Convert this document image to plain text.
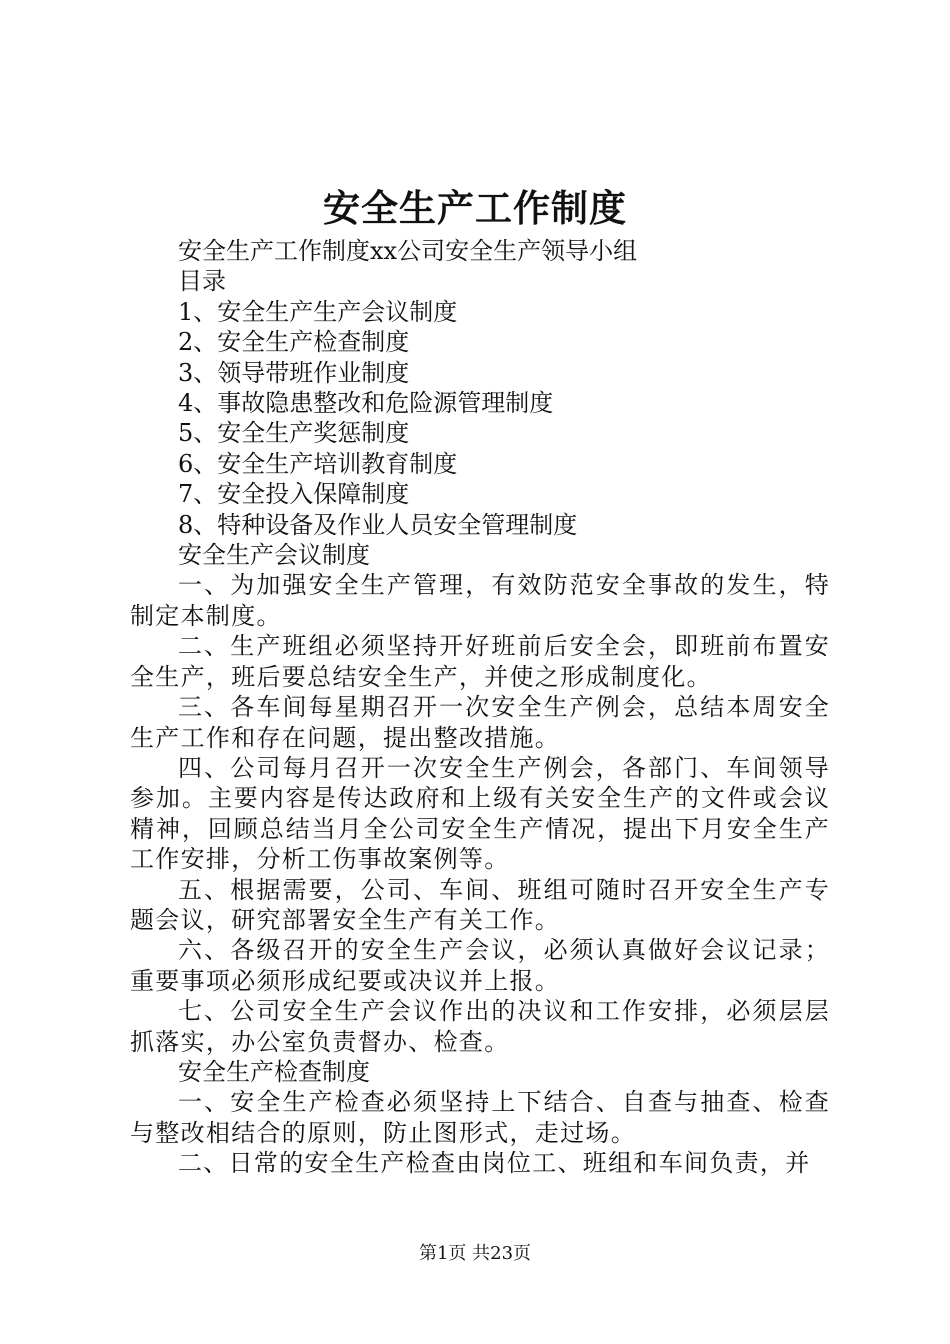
安全生产工作制度

安全生产工作制度xx公司安全生产领导小组

目录

1、安全生产生产会议制度

2、安全生产检查制度

3、领导带班作业制度

4、事故隐患整改和危险源管理制度

5、安全生产奖惩制度

6、安全生产培训教育制度

7、安全投入保障制度

8、特种设备及作业人员安全管理制度

安全生产会议制度

一、为加强安全生产管理，有效防范安全事故的发生，特制定本制度。

二、生产班组必须坚持开好班前后安全会，即班前布置安全生产，班后要总结安全生产，并使之形成制度化。

三、各车间每星期召开一次安全生产例会，总结本周安全生产工作和存在问题，提出整改措施。

四、公司每月召开一次安全生产例会，各部门、车间领导参加。主要内容是传达政府和上级有关安全生产的文件或会议精神，回顾总结当月全公司安全生产情况，提出下月安全生产工作安排，分析工伤事故案例等。

五、根据需要，公司、车间、班组可随时召开安全生产专题会议，研究部署安全生产有关工作。

六、各级召开的安全生产会议，必须认真做好会议记录；重要事项必须形成纪要或决议并上报。

七、公司安全生产会议作出的决议和工作安排，必须层层抓落实，办公室负责督办、检查。

安全生产检查制度

一、安全生产检查必须坚持上下结合、自查与抽查、检查与整改相结合的原则，防止图形式，走过场。

二、日常的安全生产检查由岗位工、班组和车间负责，并

第1页 共23页
